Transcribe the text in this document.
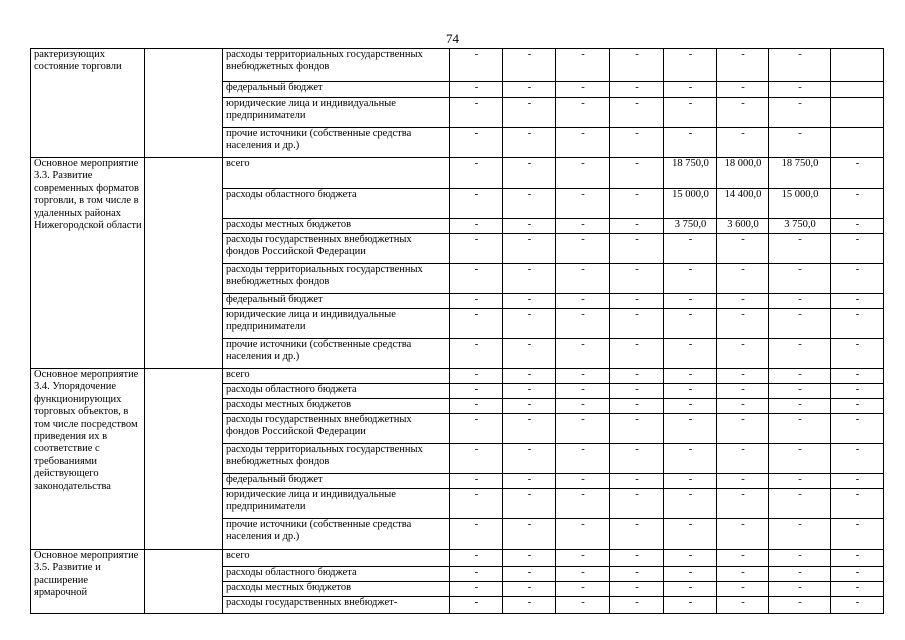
74
рактеризующих состояние торговли		расходы территориальных государственных внебюджетных фондов	-	-	-	-	-	-	-	
		федеральный бюджет	-	-	-	-	-	-	-	
		юридические лица и индивидуальные предприниматели	-	-	-	-	-	-	-	
		прочие источники (собственные средства населения и др.)	-	-	-	-	-	-	-	
Основное мероприятие 3.3. Развитие современных форматов торговли, в том числе в удаленных районах Нижегородской области		всего	-	-	-	-	18 750,0	18 000,0	18 750,0	-
		расходы областного бюджета	-	-	-	-	15 000,0	14 400,0	15 000,0	-
		расходы местных бюджетов	-	-	-	-	3 750,0	3 600,0	3 750,0	-
		расходы государственных внебюджетных фондов Российской Федерации	-	-	-	-	-	-	-	-
		расходы территориальных государственных внебюджетных фондов	-	-	-	-	-	-	-	-
		федеральный бюджет	-	-	-	-	-	-	-	-
		юридические лица и индивидуальные предприниматели	-	-	-	-	-	-	-	-
		прочие источники (собственные средства населения и др.)	-	-	-	-	-	-	-	-
Основное мероприятие 3.4. Упорядочение функционирующих торговых объектов, в том числе посредством приведения их в соответствие с требованиями действующего законодательства		всего	-	-	-	-	-	-	-	-
		расходы областного бюджета	-	-	-	-	-	-	-	-
		расходы местных бюджетов	-	-	-	-	-	-	-	-
		расходы государственных внебюджетных фондов Российской Федерации	-	-	-	-	-	-	-	-
		расходы территориальных государственных внебюджетных фондов	-	-	-	-	-	-	-	-
		федеральный бюджет	-	-	-	-	-	-	-	-
		юридические лица и индивидуальные предприниматели	-	-	-	-	-	-	-	-
		прочие источники (собственные средства населения и др.)	-	-	-	-	-	-	-	-
Основное мероприятие 3.5. Развитие и расширение ярмарочной		всего	-	-	-	-	-	-	-	-
		расходы областного бюджета	-	-	-	-	-	-	-	-
		расходы местных бюджетов	-	-	-	-	-	-	-	-
		расходы государственных внебюджет-	-	-	-	-	-	-	-	-
